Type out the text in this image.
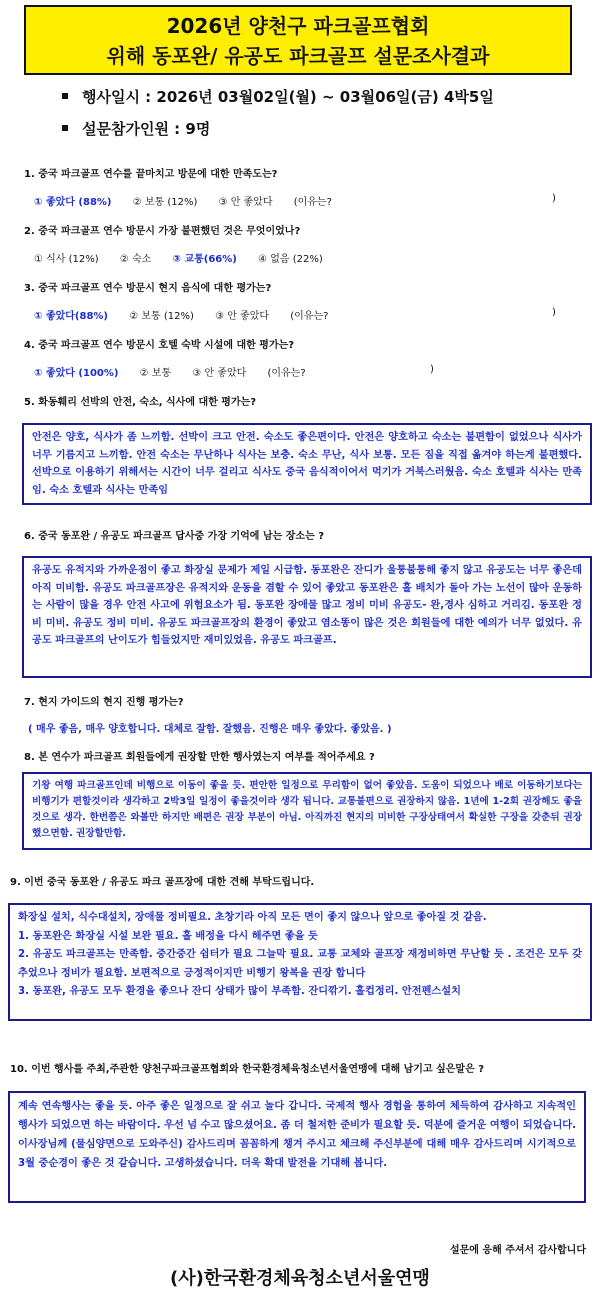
2026년 양천구 파크골프협회
위해 동포완/ 유공도 파크골프 설문조사결과
행사일시 : 2026년 03월02일(월) ~ 03월06일(금) 4박5일
설문참가인원 : 9명
1. 중국 파크골프 연수를 끝마치고 방문에 대한 만족도는?
① 좋았다 (88%) ② 보통 (12%) ③ 안 좋았다 (이유는?	)
2. 중국 파크골프 연수 방문시 가장 불편했던 것은 무엇이었나?
① 식사 (12%) ② 숙소 ③ 교통(66%) ④ 없음 (22%)
3. 중국 파크골프 연수 방문시 현지 음식에 대한 평가는?
① 좋았다(88%) ② 보통 (12%) ③ 안 좋았다 (이유는?	)
4. 중국 파크골프 연수 방문시 호텔 숙박 시설에 대한 평가는?
① 좋았다 (100%) ② 보통 ③ 안 좋았다 (이유는?	)
5. 화동훼리 선박의 안전, 숙소, 식사에 대한 평가는?
안전은 양호, 식사가 좀 느끼함. 선박이 크고 안전. 숙소도 좋은편이다. 안전은 양호하고 숙소는 불편함이 없었으나 식사가 너무 기름지고 느끼함. 안전 숙소는 무난하나 식사는 보충. 숙소 무난, 식사 보통. 모든 짐을 직접 옮겨야 하는게 불편했다. 선박으로 이용하기 위해서는 시간이 너무 걸리고 식사도 중국 음식적이어서 먹기가 거북스러웠음. 숙소 호텔과 식사는 만족임. 숙소 호텔과 식사는 만족임
6. 중국 동포완 / 유공도 파크골프 답사중 가장 기억에 남는 장소는 ?
유공도 유적지와 가까운점이 좋고 화장실 문제가 제일 시급함. 동포완은 잔디가 울퉁불퉁해 좋지 않고 유공도는 너무 좋은데 아직 미비함. 유공도 파크골프장은 유적지와 운동을 겸할 수 있어 좋았고 동포완은 홀 배치가 돌아 가는 노선이 많아 운동하는 사람이 많을 경우 안전 사고에 위험요소가 됨. 동포완 장애물 많고 정비 미비 유공도- 완,경사 심하고 거리김. 동포완 정비 미비. 유공도 정비 미비. 유공도 파크골프장의 환경이 좋았고 염소똥이 많은 것은 회원들에 대한 예의가 너무 없었다. 유공도 파크골프의 난이도가 힘들었지만 재미있었음. 유공도 파크골프.
7. 현지 가이드의 현지 진행 평가는?
( 매우 좋음, 매우 양호합니다. 대체로 잘함. 잘했음. 진행은 매우 좋았다. 좋았음. )
8. 본 연수가 파크골프 회원들에게 권장할 만한 행사였는지 여부를 적어주세요 ?
기왕 여행 파크골프인데 비행으로 이동이 좋을 듯. 편안한 일정으로 무리함이 없어 좋았음. 도움이 되었으나 배로 이동하기보다는 비행기가 편할것이라 생각하고 2박3일 일정이 좋을것이라 생각 됩니다. 교통불편으로 권장하지 않음. 1년에 1-2회 권장해도 좋을것으로 생각. 한번쯤은 와볼만 하지만 배편은 권장 부분이 아님. 아직까진 현지의 미비한 구장상태여서 확실한 구장을 갖춘뒤 권장했으면함. 권장할만함.
9. 이번 중국 동포완 / 유공도 파크 골프장에 대한 견해 부탁드립니다.
화장실 설치, 식수대설치, 장애물 정비필요. 초창기라 아직 모든 면이 좋지 않으나 앞으로 좋아질 것 같음.
1. 동포완은 화장실 시설 보완 필요. 홀 배정을 다시 해주면 좋을 듯
2. 유공도 파크골프는 만족함. 중간중간 쉼터가 필요 그늘막 필요. 교통 교체와 골프장 재정비하면 무난할 듯 . 조건은 모두 갖추었으나 정비가 필요함. 보편적으로 긍정적이지만 비행기 왕복을 권장 합니다
3. 동포완, 유공도 모두 환경을 좋으나 잔디 상태가 많이 부족함. 잔디깎기. 홀컵정리. 안전펜스설치
10. 이번 행사를 주최,주관한 양천구파크골프협회와 한국환경체육청소년서울연맹에 대해 남기고 싶은말은 ?
계속 연속행사는 좋을 듯. 아주 좋은 일정으로 잘 쉬고 놀다 갑니다. 국제적 행사 경험을 통하여 체득하여 감사하고 지속적인 행사가 되었으면 하는 바람이다. 우선 넘 수고 많으셨어요. 좀 더 철저한 준비가 필요할 듯. 덕분에 즐거운 여행이 되었습니다. 이사장님께 (물심양면으로 도와주신) 감사드리며 꼼꼼하게 챙겨 주시고 체크해 주신부분에 대해 매우 감사드리며 시기적으로 3월 중순경이 좋은 것 같습니다. 고생하셨습니다. 더욱 확대 발전을 기대해 봅니다.
설문에 응해 주셔서 감사합니다
(사)한국환경체육청소년서울연맹
